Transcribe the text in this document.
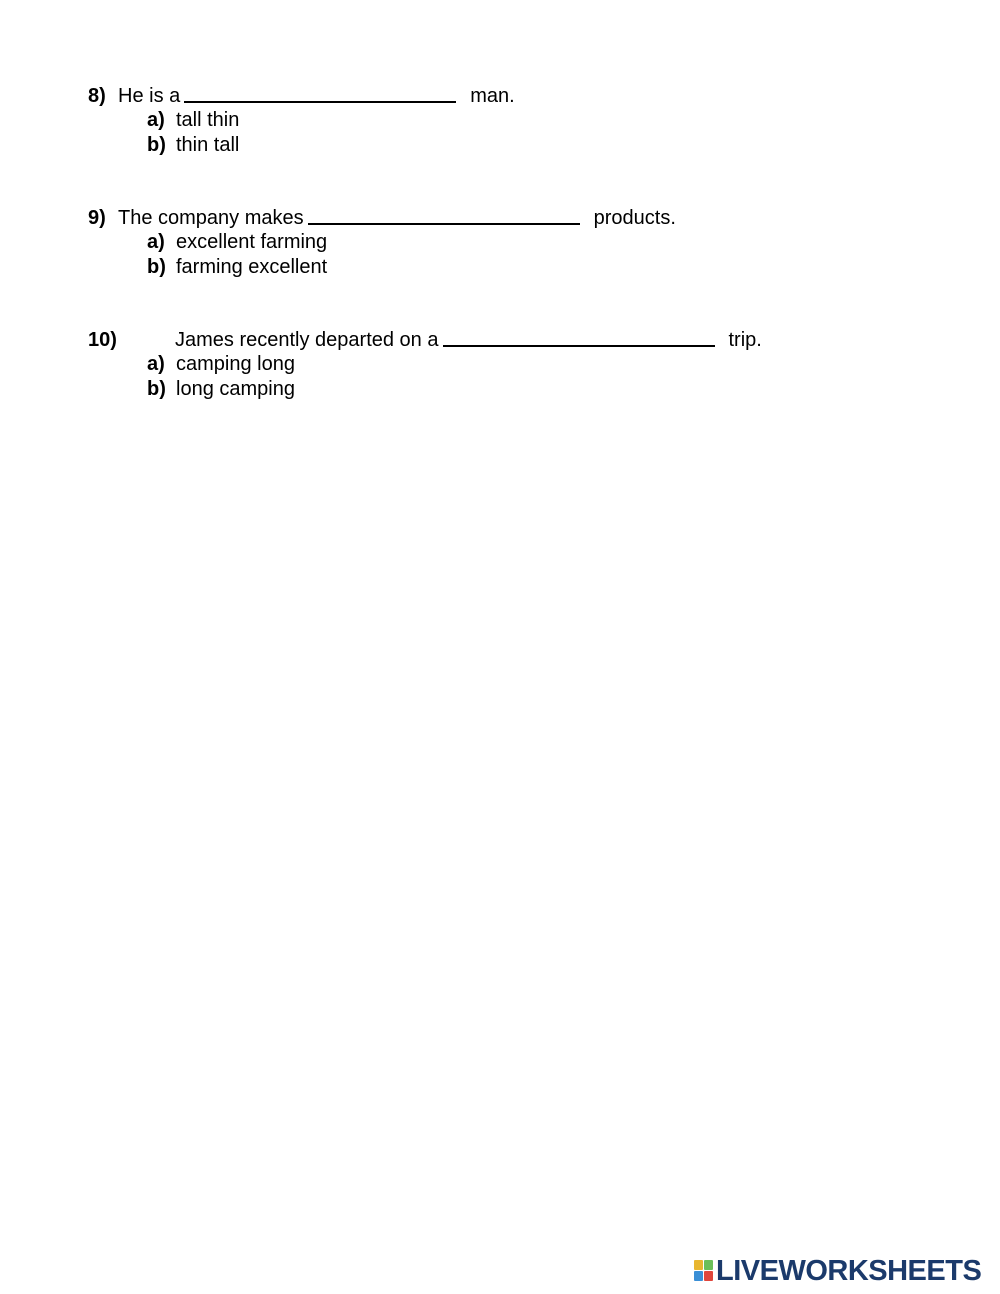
8) He is a	man.
a) tall thin
b) thin tall
9) The company makes	products.
a) excellent farming
b) farming excellent
10)	James recently departed on a	trip.
a) camping long
b) long camping
LIVEWORKSHEETS
